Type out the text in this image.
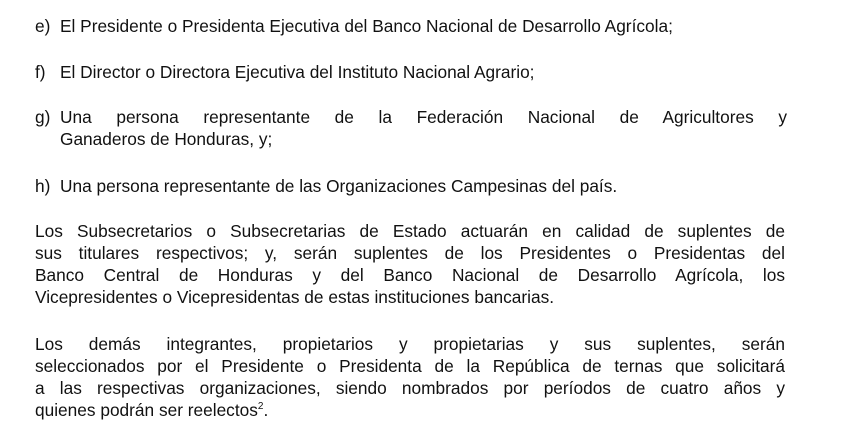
e) El Presidente o Presidenta Ejecutiva del Banco Nacional de Desarrollo Agrícola;
f) El Director o Directora Ejecutiva del Instituto Nacional Agrario;
g) Una persona representante de la Federación Nacional de Agricultores y
Ganaderos de Honduras, y;
h) Una persona representante de las Organizaciones Campesinas del país.
Los Subsecretarios o Subsecretarias de Estado actuarán en calidad de suplentes de
sus titulares respectivos; y, serán suplentes de los Presidentes o Presidentas del
Banco Central de Honduras y del Banco Nacional de Desarrollo Agrícola, los
Vicepresidentes o Vicepresidentas de estas instituciones bancarias.
Los demás integrantes, propietarios y propietarias y sus suplentes, serán
seleccionados por el Presidente o Presidenta de la República de ternas que solicitará
a las respectivas organizaciones, siendo nombrados por períodos de cuatro años y
quienes podrán ser reelectos$^2$.
